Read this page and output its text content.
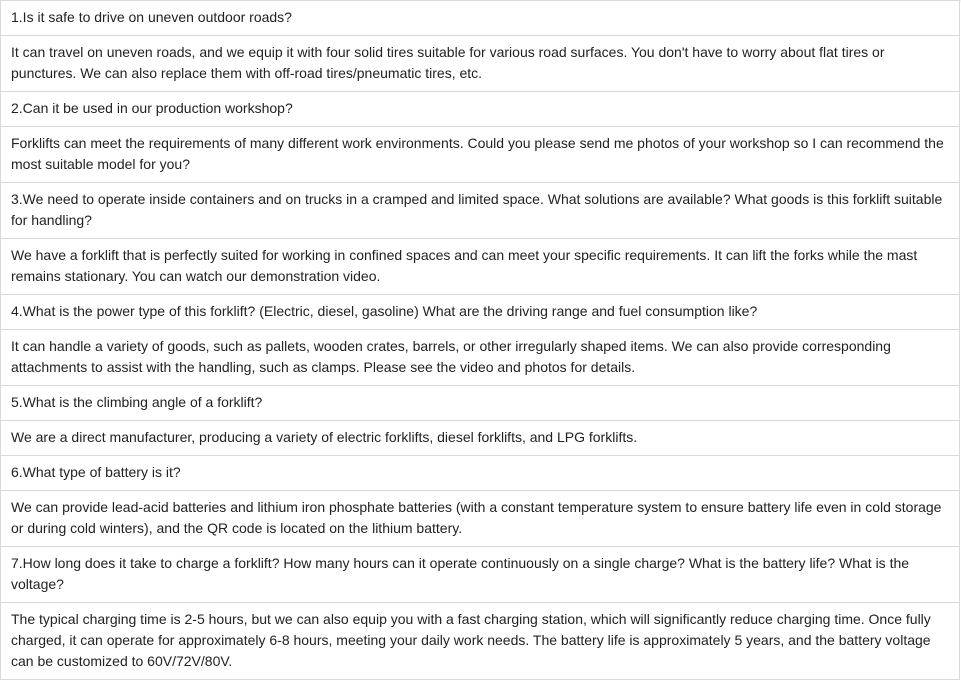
1.Is it safe to drive on uneven outdoor roads?
It can travel on uneven roads, and we equip it with four solid tires suitable for various road surfaces. You don't have to worry about flat tires or punctures. We can also replace them with off-road tires/pneumatic tires, etc.
2.Can it be used in our production workshop?
Forklifts can meet the requirements of many different work environments. Could you please send me photos of your workshop so I can recommend the most suitable model for you?
3.We need to operate inside containers and on trucks in a cramped and limited space. What solutions are available? What goods is this forklift suitable for handling?
We have a forklift that is perfectly suited for working in confined spaces and can meet your specific requirements. It can lift the forks while the mast remains stationary. You can watch our demonstration video.
4.What is the power type of this forklift? (Electric, diesel, gasoline) What are the driving range and fuel consumption like?
It can handle a variety of goods, such as pallets, wooden crates, barrels, or other irregularly shaped items. We can also provide corresponding attachments to assist with the handling, such as clamps. Please see the video and photos for details.
5.What is the climbing angle of a forklift?
We are a direct manufacturer, producing a variety of electric forklifts, diesel forklifts, and LPG forklifts.
6.What type of battery is it?
We can provide lead-acid batteries and lithium iron phosphate batteries (with a constant temperature system to ensure battery life even in cold storage or during cold winters), and the QR code is located on the lithium battery.
7.How long does it take to charge a forklift? How many hours can it operate continuously on a single charge? What is the battery life? What is the voltage?
The typical charging time is 2-5 hours, but we can also equip you with a fast charging station, which will significantly reduce charging time. Once fully charged, it can operate for approximately 6-8 hours, meeting your daily work needs. The battery life is approximately 5 years, and the battery voltage can be customized to 60V/72V/80V.
